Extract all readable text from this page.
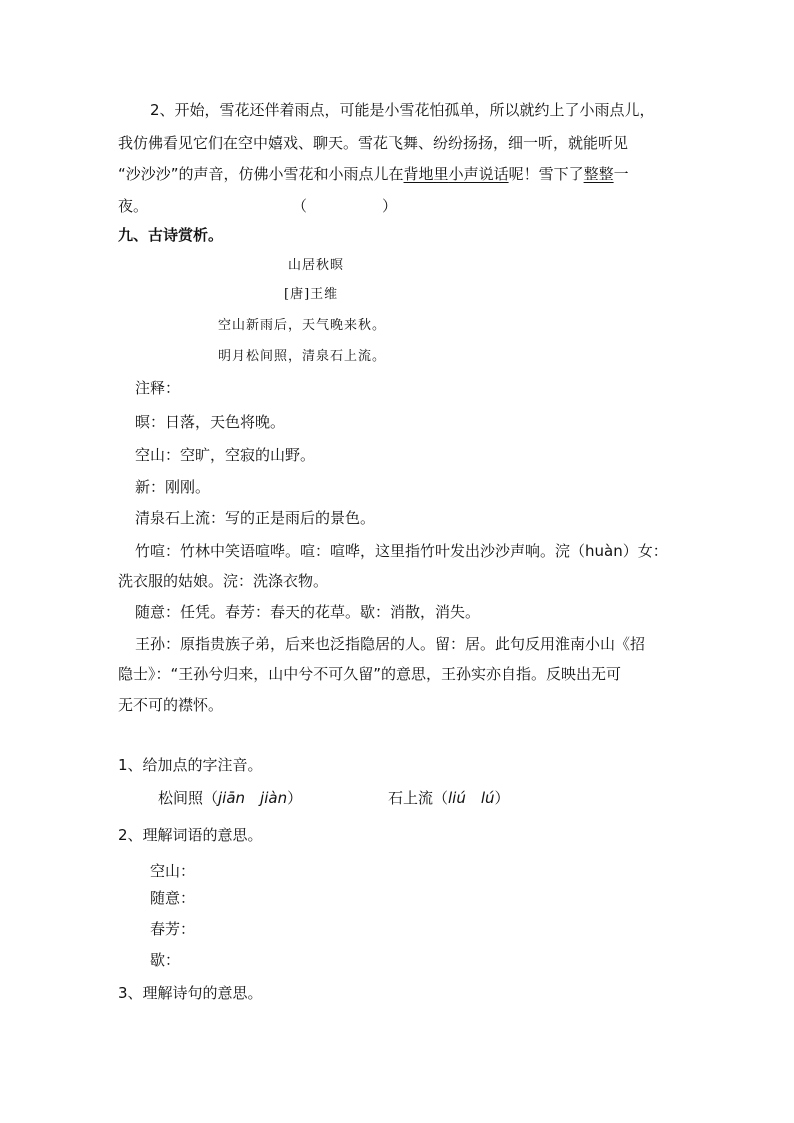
2、开始，雪花还伴着雨点，可能是小雪花怕孤单，所以就约上了小雨点儿，
我仿佛看见它们在空中嬉戏、聊天。雪花飞舞、纷纷扬扬，细一听，就能听见
“沙沙沙”的声音，仿佛小雪花和小雨点儿在背地里小声说话呢！雪下了整整一
夜。	（　　　　　）
九、古诗赏析。
山居秋暝
[唐]王维
空山新雨后，天气晚来秋。
明月松间照，清泉石上流。
注释：
暝：日落，天色将晚。
空山：空旷，空寂的山野。
新：刚刚。
清泉石上流：写的正是雨后的景色。
竹喧：竹林中笑语喧哗。喧：喧哗，这里指竹叶发出沙沙声响。浣（huàn）女：
洗衣服的姑娘。浣：洗涤衣物。
随意：任凭。春芳：春天的花草。歇：消散，消失。
王孙：原指贵族子弟，后来也泛指隐居的人。留：居。此句反用淮南小山《招
隐士》：“王孙兮归来，山中兮不可久留”的意思，王孙实亦自指。反映出无可
无不可的襟怀。
1、给加点的字注音。
松间照（jiān　jiàn）	石上流（liú　lú）
2、理解词语的意思。
空山：
随意：
春芳：
歇：
3、理解诗句的意思。
